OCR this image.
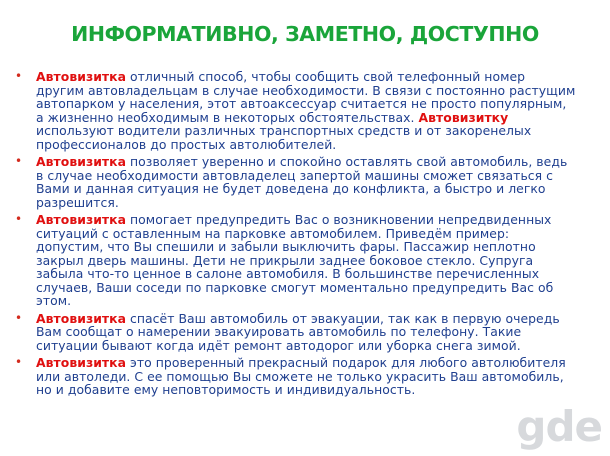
ИНФОРМАТИВНО, ЗАМЕТНО, ДОСТУПНО
• Автовизитка отличный способ, чтобы сообщить свой телефонный номер другим автовладельцам в случае необходимости. В связи с постоянно растущим автопарком у населения, этот автоаксессуар считается не просто популярным, а жизненно необходимым в некоторых обстоятельствах. Автовизитку используют водители различных транспортных средств и от закоренелых профессионалов до простых автолюбителей.
• Автовизитка позволяет уверенно и спокойно оставлять свой автомобиль, ведь в случае необходимости автовладелец запертой машины сможет связаться с Вами и данная ситуация не будет доведена до конфликта, а быстро и легко разрешится.
• Автовизитка помогает предупредить Вас о возникновении непредвиденных ситуаций с оставленным на парковке автомобилем. Приведём пример: допустим, что Вы спешили и забыли выключить фары. Пассажир неплотно закрыл дверь машины. Дети не прикрыли заднее боковое стекло. Супруга забыла что-то ценное в салоне автомобиля. В большинстве перечисленных случаев, Ваши соседи по парковке смогут моментально предупредить Вас об этом.
• Автовизитка спасёт Ваш автомобиль от эвакуации, так как в первую очередь Вам сообщат о намерении эвакуировать автомобиль по телефону. Такие ситуации бывают когда идёт ремонт автодорог или уборка снега зимой.
• Автовизитка это проверенный прекрасный подарок для любого автолюбителя или автоледи. С ее помощью Вы сможете не только украсить Ваш автомобиль, но и добавите ему неповторимость и индивидуальность.
gde
